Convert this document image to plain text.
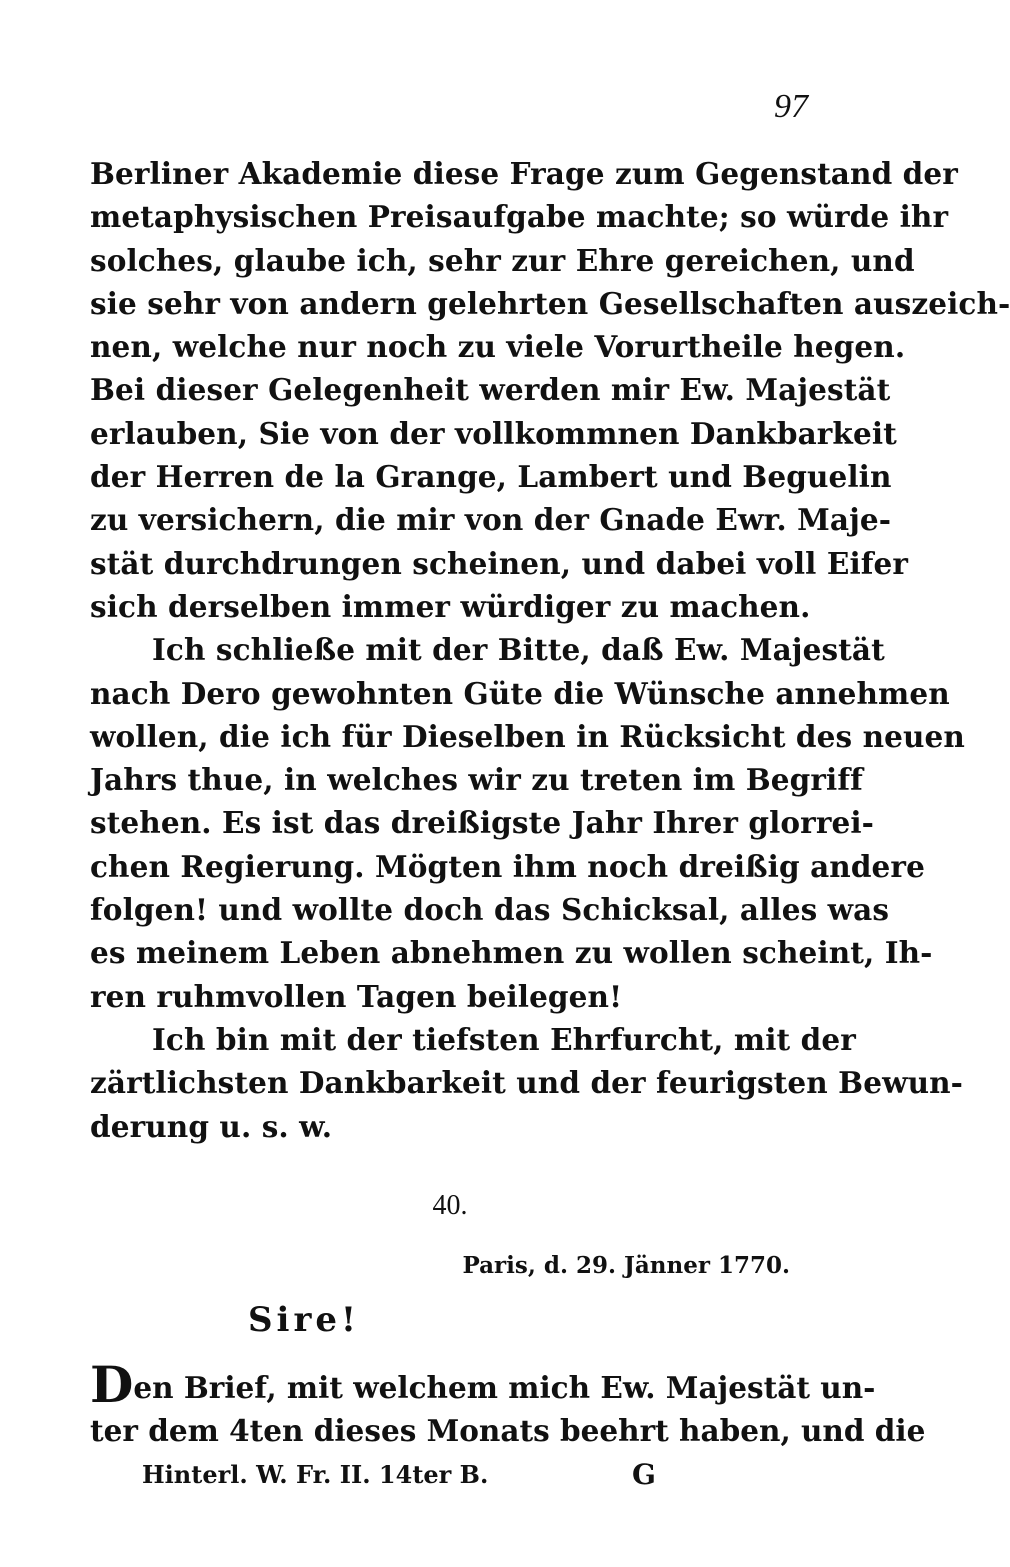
97
Berliner Akademie diese Frage zum Gegenstand der
metaphysischen Preisaufgabe machte; so würde ihr
solches, glaube ich, sehr zur Ehre gereichen, und
sie sehr von andern gelehrten Gesellschaften auszeich-
nen, welche nur noch zu viele Vorurtheile hegen.
Bei dieser Gelegenheit werden mir Ew. Majestät
erlauben, Sie von der vollkommnen Dankbarkeit
der Herren de la Grange, Lambert und Beguelin
zu versichern, die mir von der Gnade Ewr. Maje-
stät durchdrungen scheinen, und dabei voll Eifer
sich derselben immer würdiger zu machen.
Ich schließe mit der Bitte, daß Ew. Majestät
nach Dero gewohnten Güte die Wünsche annehmen
wollen, die ich für Dieselben in Rücksicht des neuen
Jahrs thue, in welches wir zu treten im Begriff
stehen. Es ist das dreißigste Jahr Ihrer glorrei-
chen Regierung. Mögten ihm noch dreißig andere
folgen! und wollte doch das Schicksal, alles was
es meinem Leben abnehmen zu wollen scheint, Ih-
ren ruhmvollen Tagen beilegen!
Ich bin mit der tiefsten Ehrfurcht, mit der
zärtlichsten Dankbarkeit und der feurigsten Bewun-
derung u. s. w.
40.
Paris, d. 29. Jänner 1770.
Sire!
Den Brief, mit welchem mich Ew. Majestät un-
ter dem 4ten dieses Monats beehrt haben, und die
Hinterl. W. Fr. II. 14ter B.	G
